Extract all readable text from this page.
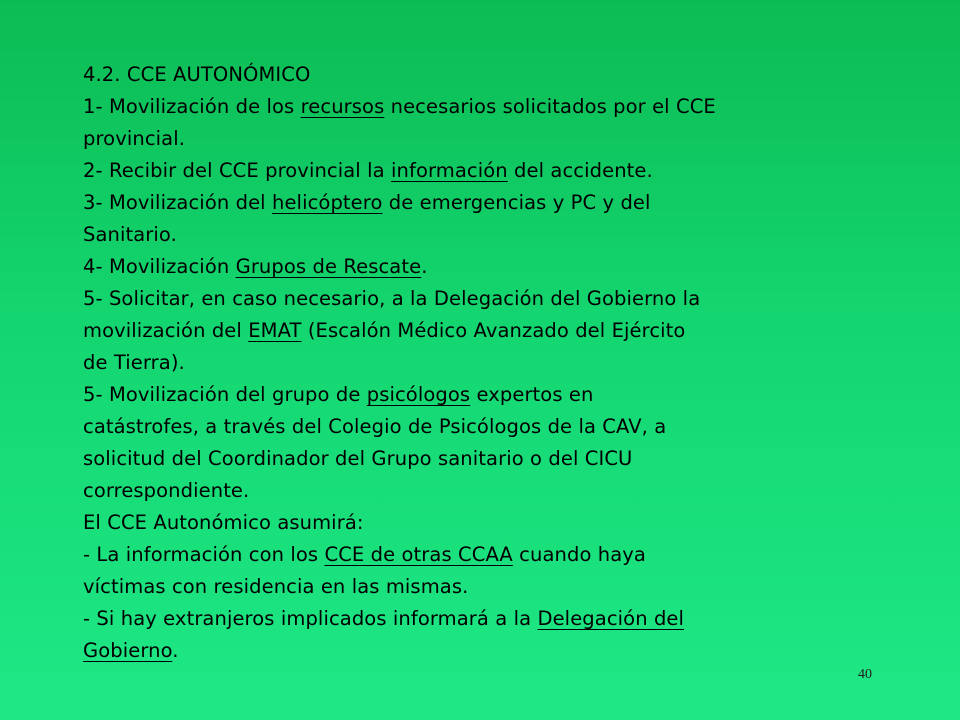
4.2. CCE AUTONÓMICO
1- Movilización de los recursos necesarios solicitados por el CCE
provincial.
2- Recibir del CCE provincial la información del accidente.
3- Movilización del helicóptero de emergencias y PC y del
Sanitario.
4- Movilización Grupos de Rescate.
5- Solicitar, en caso necesario, a la Delegación del Gobierno la
movilización del EMAT (Escalón Médico Avanzado del Ejército
de Tierra).
5- Movilización del grupo de psicólogos expertos en
catástrofes, a través del Colegio de Psicólogos de la CAV, a
solicitud del Coordinador del Grupo sanitario o del CICU
correspondiente.
El CCE Autonómico asumirá:
- La información con los CCE de otras CCAA cuando haya
víctimas con residencia en las mismas.
- Si hay extranjeros implicados informará a la Delegación del
Gobierno.
40
